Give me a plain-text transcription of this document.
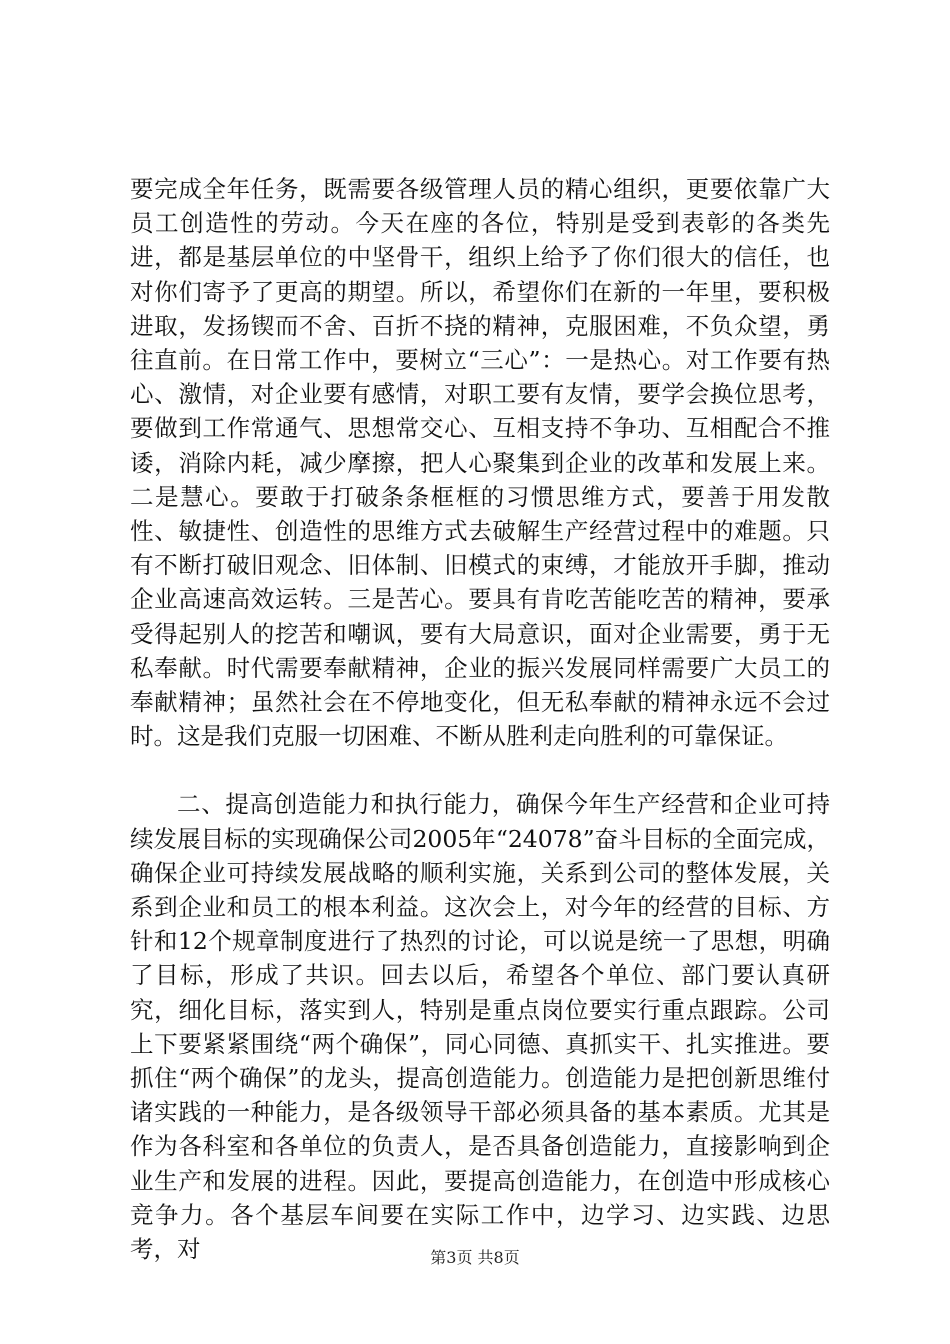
要完成全年任务，既需要各级管理人员的精心组织，更要依靠广大员工创造性的劳动。今天在座的各位，特别是受到表彰的各类先进，都是基层单位的中坚骨干，组织上给予了你们很大的信任，也对你们寄予了更高的期望。所以，希望你们在新的一年里，要积极进取，发扬锲而不舍、百折不挠的精神，克服困难，不负众望，勇往直前。在日常工作中，要树立“三心”：一是热心。对工作要有热心、激情，对企业要有感情，对职工要有友情，要学会换位思考，要做到工作常通气、思想常交心、互相支持不争功、互相配合不推诿，消除内耗，减少摩擦，把人心聚集到企业的改革和发展上来。二是慧心。要敢于打破条条框框的习惯思维方式，要善于用发散性、敏捷性、创造性的思维方式去破解生产经营过程中的难题。只有不断打破旧观念、旧体制、旧模式的束缚，才能放开手脚，推动企业高速高效运转。三是苦心。要具有肯吃苦能吃苦的精神，要承受得起别人的挖苦和嘲讽，要有大局意识，面对企业需要，勇于无私奉献。时代需要奉献精神，企业的振兴发展同样需要广大员工的奉献精神；虽然社会在不停地变化，但无私奉献的精神永远不会过时。这是我们克服一切困难、不断从胜利走向胜利的可靠保证。

二、提高创造能力和执行能力，确保今年生产经营和企业可持续发展目标的实现确保公司2005年“24078”奋斗目标的全面完成，确保企业可持续发展战略的顺利实施，关系到公司的整体发展，关系到企业和员工的根本利益。这次会上，对今年的经营的目标、方针和12个规章制度进行了热烈的讨论，可以说是统一了思想，明确了目标，形成了共识。回去以后，希望各个单位、部门要认真研究，细化目标，落实到人，特别是重点岗位要实行重点跟踪。公司上下要紧紧围绕“两个确保”，同心同德、真抓实干、扎实推进。要抓住“两个确保”的龙头，提高创造能力。创造能力是把创新思维付诸实践的一种能力，是各级领导干部必须具备的基本素质。尤其是作为各科室和各单位的负责人，是否具备创造能力，直接影响到企业生产和发展的进程。因此，要提高创造能力，在创造中形成核心竞争力。各个基层车间要在实际工作中，边学习、边实践、边思考，对	第3页 共8页
